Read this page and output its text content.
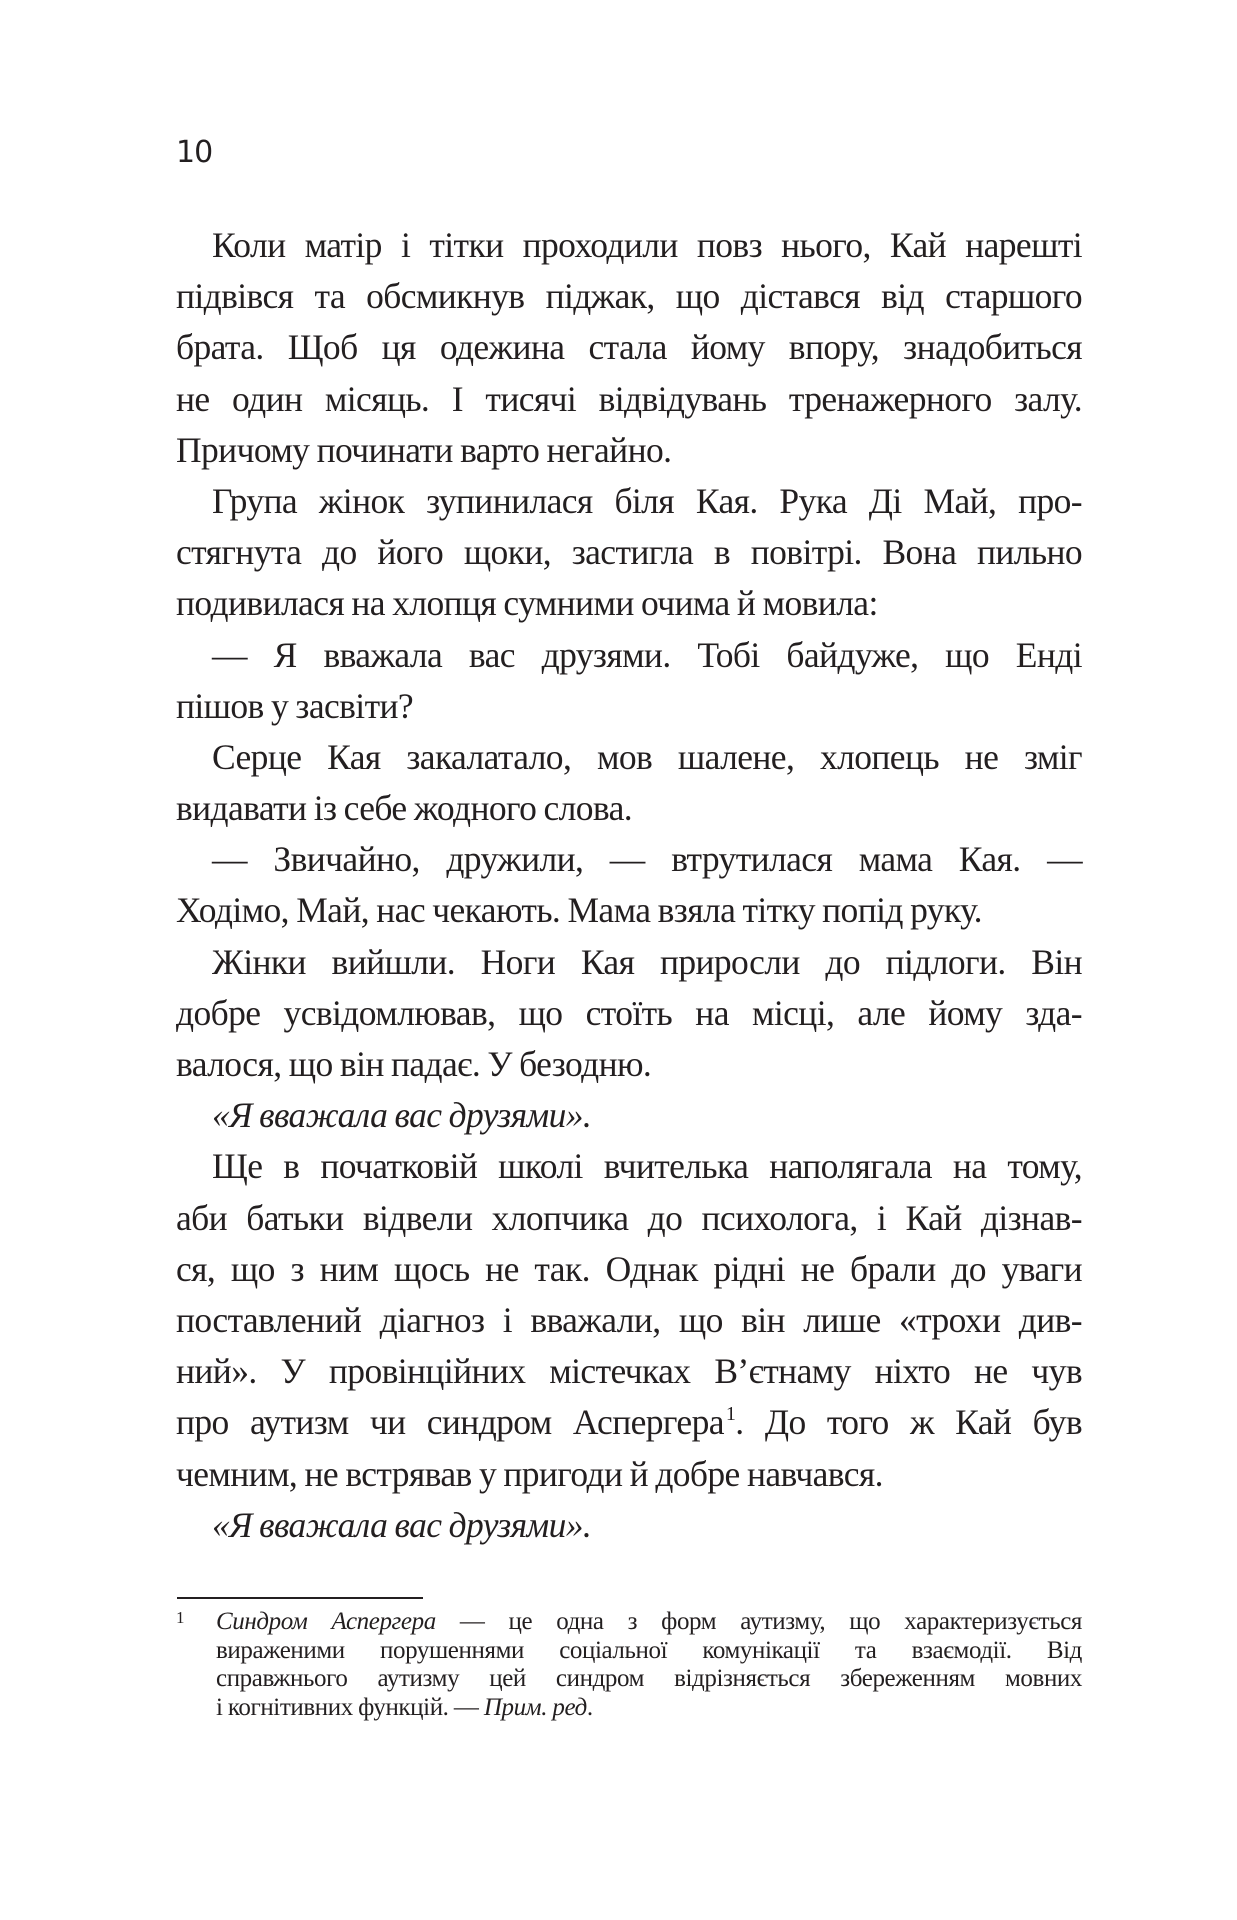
10
Коли матір і тітки проходили повз нього, Кай нарешті
підвівся та обсмикнув піджак, що дістався від старшого
брата. Щоб ця одежина стала йому впору, знадобиться
не один місяць. І тисячі відвідувань тренажерного залу.
Причому починати варто негайно.
Група жінок зупинилася біля Кая. Рука Ді Май, про-
стягнута до його щоки, застигла в повітрі. Вона пильно
подивилася на хлопця сумними очима й мовила:
— Я вважала вас друзями. Тобі байдуже, що Енді
пішов у засвіти?
Серце Кая закалатало, мов шалене, хлопець не зміг
видавати із себе жодного слова.
— Звичайно, дружили, — втрутилася мама Кая. —
Ходімо, Май, нас чекають. Мама взяла тітку попід руку.
Жінки вийшли. Ноги Кая приросли до підлоги. Він
добре усвідомлював, що стоїть на місці, але йому зда-
валося, що він падає. У безодню.
«Я вважала вас друзями».
Ще в початковій школі вчителька наполягала на тому,
аби батьки відвели хлопчика до психолога, і Кай дізнав-
ся, що з ним щось не так. Однак рідні не брали до уваги
поставлений діагноз і вважали, що він лише «трохи див-
ний». У провінційних містечках В’єтнаму ніхто не чув
про аутизм чи синдром Аспергера $^1$. До того ж Кай був
чемним, не встрявав у пригоди й добре навчався.
«Я вважала вас друзями».
1 Синдром Аспергера — це одна з форм аутизму, що характеризується
вираженими порушеннями соціальної комунікації та взаємодії. Від
справжнього аутизму цей синдром відрізняється збереженням мовних
і когнітивних функцій. — Прим. ред.
